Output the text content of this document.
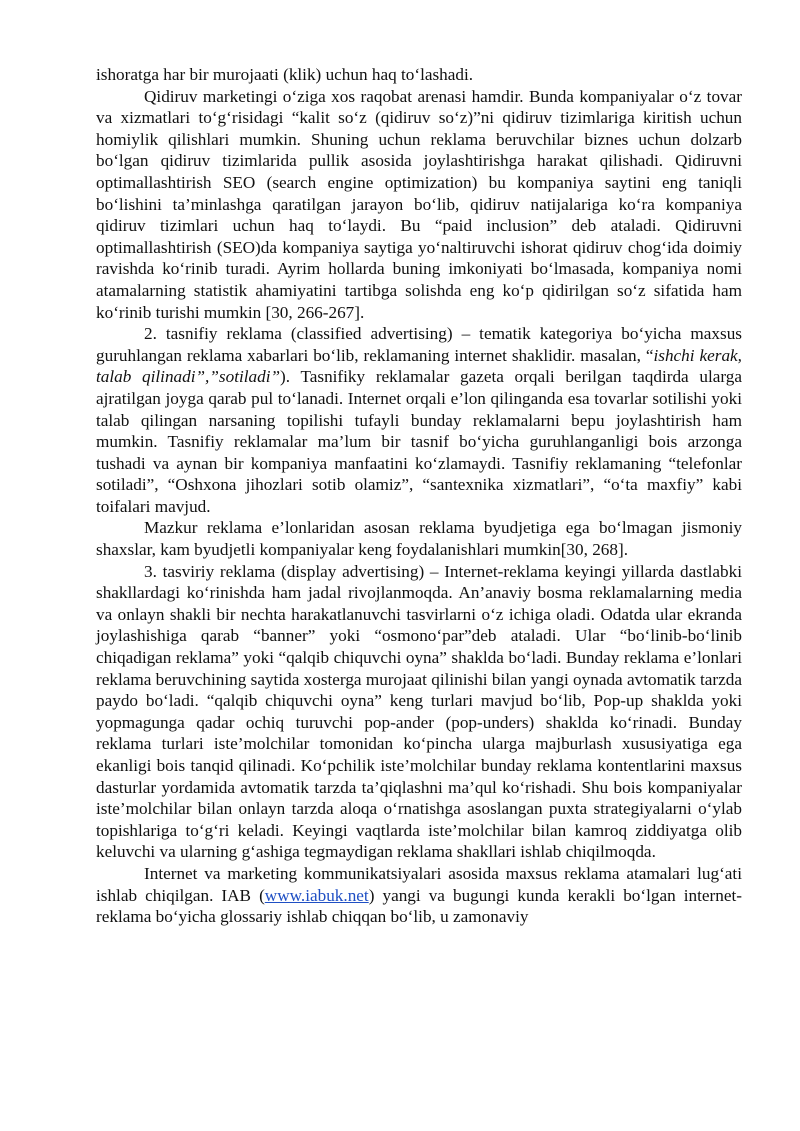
ishoratga har bir murojaati (klik) uchun haq to‘lashadi.

Qidiruv marketingi o‘ziga xos raqobat arenasi hamdir. Bunda kompaniyalar o‘z tovar va xizmatlari to‘g‘risidagi “kalit so‘z (qidiruv so‘z)”ni qidiruv tizimlariga kiritish uchun homiylik qilishlari mumkin. Shuning uchun reklama beruvchilar biznes uchun dolzarb bo‘lgan qidiruv tizimlarida pullik asosida joylashtirishga harakat qilishadi. Qidiruvni optimallashtirish SEO (search engine optimization) bu kompaniya saytini eng taniqli bo‘lishini ta’minlashga qaratilgan jarayon bo‘lib, qidiruv natijalariga ko‘ra kompaniya qidiruv tizimlari uchun haq to‘laydi. Bu “paid inclusion” deb ataladi. Qidiruvni optimallashtirish (SEO)da kompaniya saytiga yo‘naltiruvchi ishorat qidiruv chog‘ida doimiy ravishda ko‘rinib turadi. Ayrim hollarda buning imkoniyati bo‘lmasada, kompaniya nomi atamalarning statistik ahamiyatini tartibga solishda eng ko‘p qidirilgan so‘z sifatida ham ko‘rinib turishi mumkin [30, 266-267].

2. tasnifiy reklama (classified advertising) – tematik kategoriya bo‘yicha maxsus guruhlangan reklama xabarlari bo‘lib, reklamaning internet shaklidir. masalan, “ishchi kerak, talab qilinadi”,”sotiladi”). Tasnifiky reklamalar gazeta orqali berilgan taqdirda ularga ajratilgan joyga qarab pul to‘lanadi. Internet orqali e’lon qilinganda esa tovarlar sotilishi yoki talab qilingan narsaning topilishi tufayli bunday reklamalarni bepu joylashtirish ham mumkin. Tasnifiy reklamalar ma’lum bir tasnif bo‘yicha guruhlanganligi bois arzonga tushadi va aynan bir kompaniya manfaatini ko‘zlamaydi. Tasnifiy reklamaning “telefonlar sotiladi”, “Oshxona jihozlari sotib olamiz”, “santexnika xizmatlari”, “o‘ta maxfiy” kabi toifalari mavjud.

Mazkur reklama e’lonlaridan asosan reklama byudjetiga ega bo‘lmagan jismoniy shaxslar, kam byudjetli kompaniyalar keng foydalanishlari mumkin[30, 268].

3. tasviriy reklama (display advertising) – Internet-reklama keyingi yillarda dastlabki shakllardagi ko‘rinishda ham jadal rivojlanmoqda. An’anaviy bosma reklamalarning media va onlayn shakli bir nechta harakatlanuvchi tasvirlarni o‘z ichiga oladi. Odatda ular ekranda joylashishiga qarab “banner” yoki “osmono‘par”deb ataladi. Ular “bo‘linib-bo‘linib chiqadigan reklama” yoki “qalqib chiquvchi oyna” shaklda bo‘ladi. Bunday reklama e’lonlari reklama beruvchining saytida xosterga murojaat qilinishi bilan yangi oynada avtomatik tarzda paydo bo‘ladi. “qalqib chiquvchi oyna” keng turlari mavjud bo‘lib, Pop-up shaklda yoki yopmagunga qadar ochiq turuvchi pop-ander (pop-unders) shaklda ko‘rinadi. Bunday reklama turlari iste’molchilar tomonidan ko‘pincha ularga majburlash xususiyatiga ega ekanligi bois tanqid qilinadi. Ko‘pchilik iste’molchilar bunday reklama kontentlarini maxsus dasturlar yordamida avtomatik tarzda ta’qiqlashni ma’qul ko‘rishadi. Shu bois kompaniyalar iste’molchilar bilan onlayn tarzda aloqa o‘rnatishga asoslangan puxta strategiyalarni o‘ylab topishlariga to‘g‘ri keladi. Keyingi vaqtlarda iste’molchilar bilan kamroq ziddiyatga olib keluvchi va ularning g‘ashiga tegmaydigan reklama shakllari ishlab chiqilmoqda.

Internet va marketing kommunikatsiyalari asosida maxsus reklama atamalari lug‘ati ishlab chiqilgan. IAB (www.iabuk.net) yangi va bugungi kunda kerakli bo‘lgan internet-reklama bo‘yicha glossariy ishlab chiqqan bo‘lib, u zamonaviy
